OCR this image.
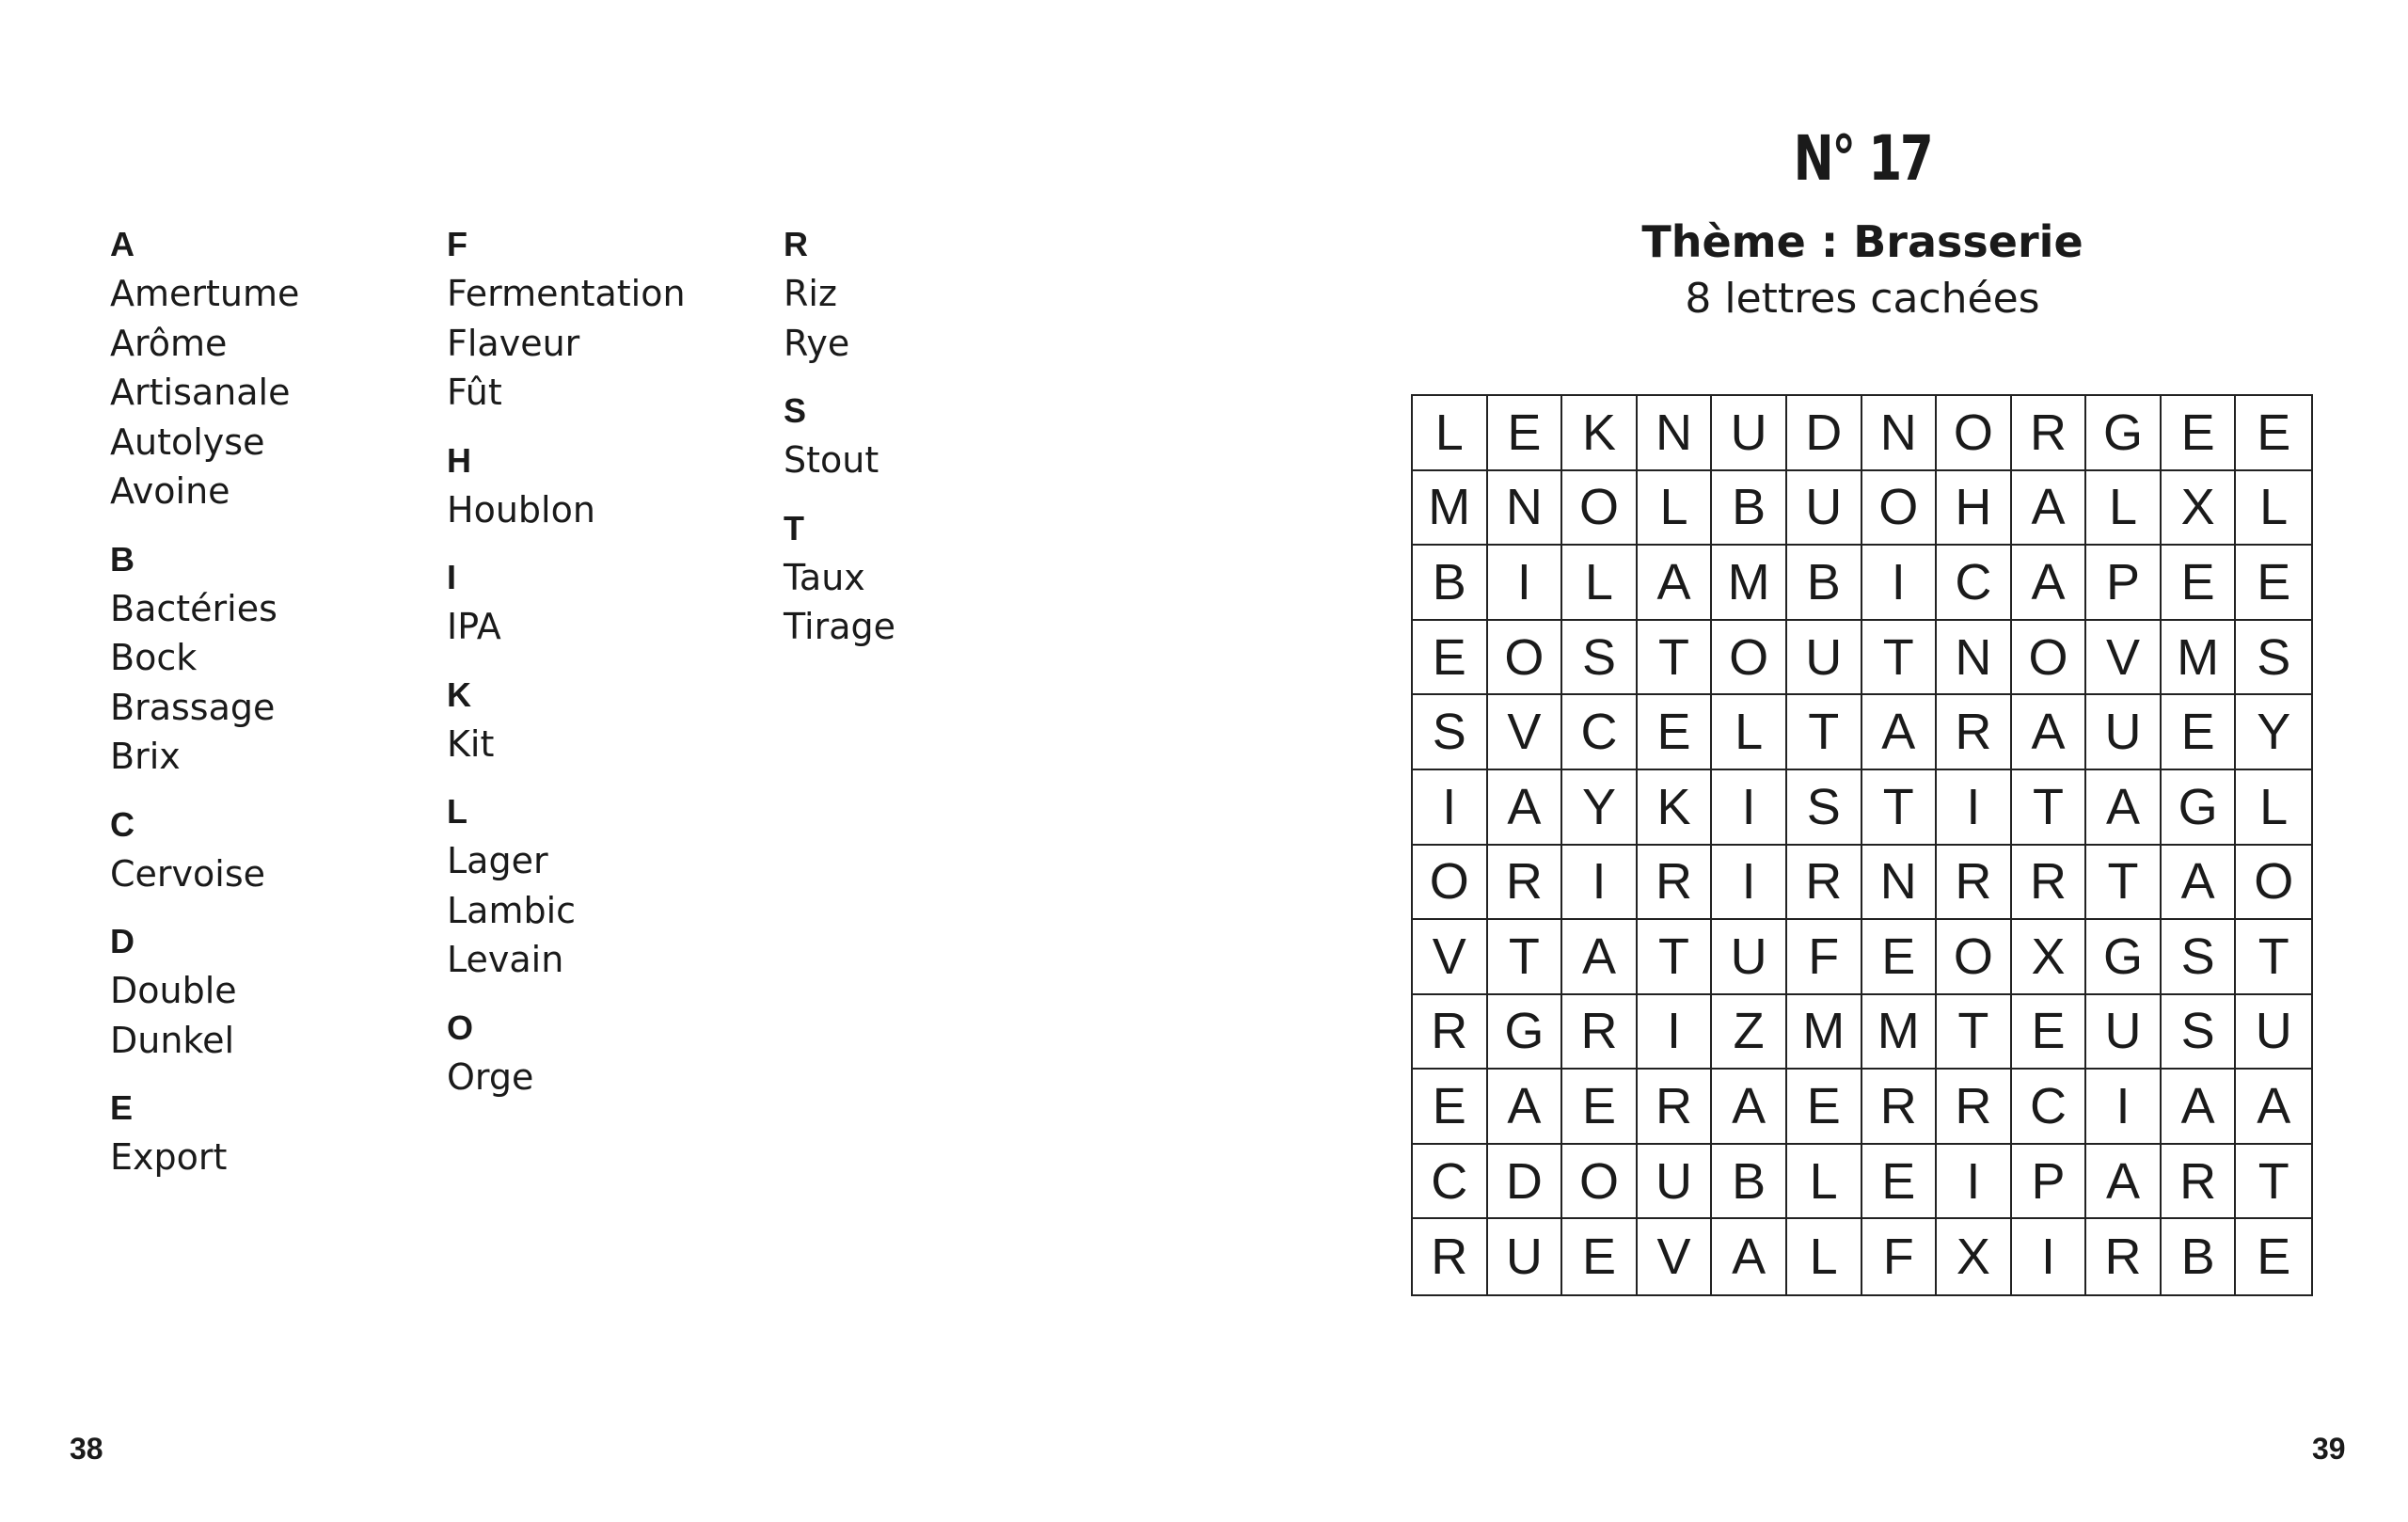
A
Amertume
Arôme
Artisanale
Autolyse
Avoine
B
Bactéries
Bock
Brassage
Brix
C
Cervoise
D
Double
Dunkel
E
Export
F
Fermentation
Flaveur
Fût
H
Houblon
I
IPA
K
Kit
L
Lager
Lambic
Levain
O
Orge
R
Riz
Rye
S
Stout
T
Taux
Tirage
N° 17
Thème : Brasserie
8 lettres cachées
L E K N U D N O R G E E
M N O L B U O H A L X L
B	I	L A M B	I C A P E E
E O S T O U T N O V M S
S V C E L T A R A U E Y
I	A Y K	I	S T	I	T A G L
O R I R I R N R R T A O
V T A T U F E O X G S T
R G R I	Z M M T E U S U
E A E R A E R R C I	A A
C D O U B L E	I	P A R T
R U E V A L F X	I R B E
38	39
